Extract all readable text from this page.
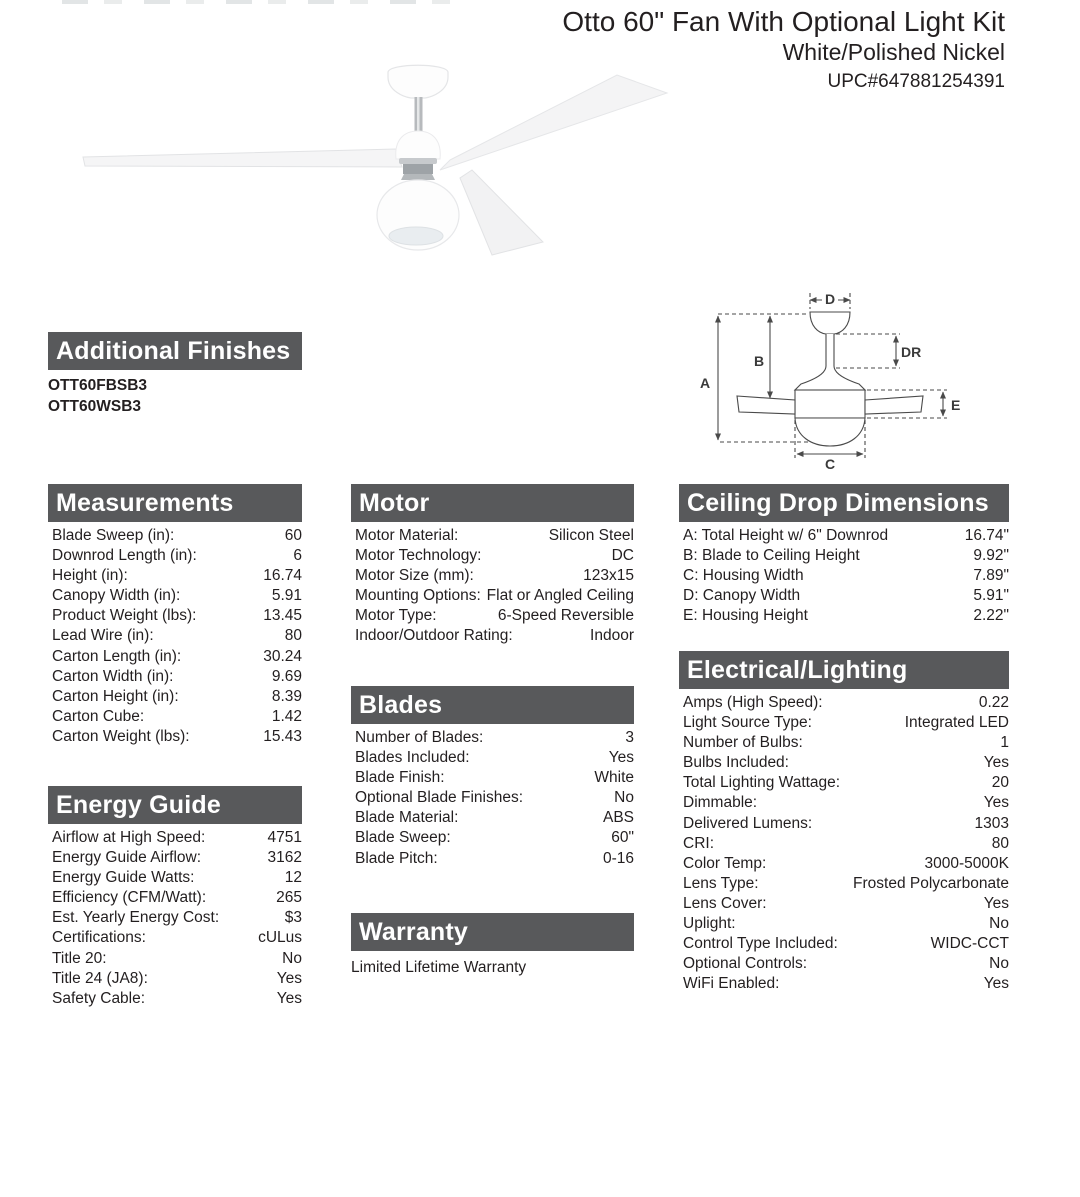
Otto 60" Fan With Optional Light Kit
White/Polished Nickel
UPC#647881254391
D
A
B
DR
E
C
Additional Finishes
OTT60FBSB3
OTT60WSB3
Measurements
Blade Sweep (in):	60
Downrod Length (in):	6
Height (in):	16.74
Canopy Width (in):	5.91
Product Weight (lbs):	13.45
Lead Wire (in):	80
Carton Length (in):	30.24
Carton Width (in):	9.69
Carton Height (in):	8.39
Carton Cube:	1.42
Carton Weight (lbs):	15.43
Energy Guide
Airflow at High Speed:	4751
Energy Guide Airflow:	3162
Energy Guide Watts:	12
Efficiency (CFM/Watt):	265
Est. Yearly Energy Cost:	$3
Certifications:	cULus
Title 20:	No
Title 24 (JA8):	Yes
Safety Cable:	Yes
Motor
Motor Material:	Silicon Steel
Motor Technology:	DC
Motor Size (mm):	123x15
Mounting Options: Flat or Angled Ceiling
Motor Type:	6-Speed Reversible
Indoor/Outdoor Rating:	Indoor
Blades
Number of Blades:	3
Blades Included:	Yes
Blade Finish:	White
Optional Blade Finishes:	No
Blade Material:	ABS
Blade Sweep:	60"
Blade Pitch:	0-16
Warranty
Limited Lifetime Warranty
Ceiling Drop Dimensions
A: Total Height w/ 6" Downrod	16.74"
B: Blade to Ceiling Height	9.92"
C: Housing Width	7.89"
D: Canopy Width	5.91"
E: Housing Height	2.22"
Electrical/Lighting
Amps (High Speed):	0.22
Light Source Type:	Integrated LED
Number of Bulbs:	1
Bulbs Included:	Yes
Total Lighting Wattage:	20
Dimmable:	Yes
Delivered Lumens:	1303
CRI:	80
Color Temp:	3000-5000K
Lens Type:	Frosted Polycarbonate
Lens Cover:	Yes
Uplight:	No
Control Type Included:	WIDC-CCT
Optional Controls:	No
WiFi Enabled:	Yes
